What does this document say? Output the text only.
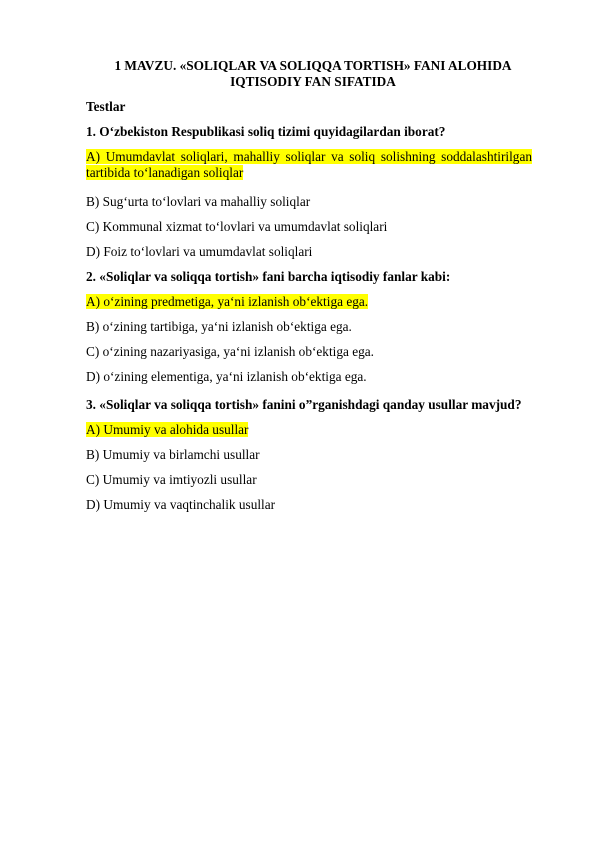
1 MAVZU. «SOLIQLAR VA SOLIQQA TORTISH» FANI ALOHIDA
IQTISODIY FAN SIFATIDA
Testlar
1. O‘zbekiston Respublikasi soliq tizimi quyidagilardan iborat?
A) Umumdavlat soliqlari, mahalliy soliqlar va soliq solishning soddalashtirilgan tartibida to‘lanadigan soliqlar
B) Sug‘urta to‘lovlari va mahalliy soliqlar
C) Kommunal xizmat to‘lovlari va umumdavlat soliqlari
D) Foiz to‘lovlari va umumdavlat soliqlari
2. «Soliqlar va soliqqa tortish» fani barcha iqtisodiy fanlar kabi:
A) o‘zining predmetiga, ya‘ni izlanish ob‘ektiga ega.
B) o‘zining tartibiga, ya‘ni izlanish ob‘ektiga ega.
C) o‘zining nazariyasiga, ya‘ni izlanish ob‘ektiga ega.
D) o‘zining elementiga, ya‘ni izlanish ob‘ektiga ega.
3. «Soliqlar va soliqqa tortish» fanini o”rganishdagi qanday usullar mavjud?
A) Umumiy va alohida usullar
B) Umumiy va birlamchi usullar
C) Umumiy va imtiyozli usullar
D) Umumiy va vaqtinchalik usullar
